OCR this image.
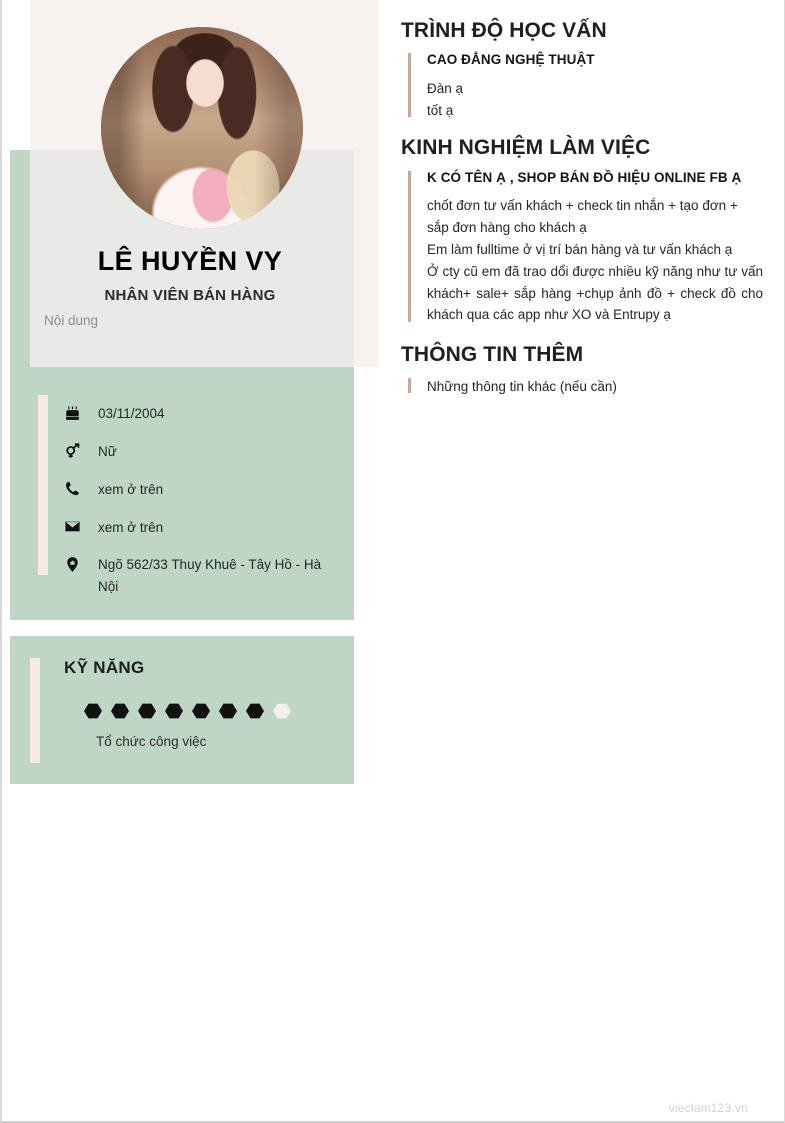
LÊ HUYỀN VY
NHÂN VIÊN BÁN HÀNG
Nội dung
03/11/2004
Nữ
xem ở trên
xem ở trên
Ngõ 562/33 Thuy Khuê - Tây Hồ - Hà Nội
KỸ NĂNG
Tổ chức công việc
TRÌNH ĐỘ HỌC VẤN
CAO ĐẲNG NGHỆ THUẬT

Đàn ạ

tốt ạ

KINH NGHIỆM LÀM VIỆC
K CÓ TÊN Ạ , SHOP BÁN ĐỒ HIỆU ONLINE FB Ạ

chốt đơn tư vấn khách + check tin nhắn + tạo đơn + sắp đơn hàng cho khách ạ

Em làm fulltime ở vị trí bán hàng và tư vấn khách ạ

Ở cty cũ em đã trao dổi được nhiều kỹ năng như tư vấn khách+ sale+ sắp hàng +chụp ảnh đồ + check đồ cho khách qua các app như XO và Entrupy ạ

THÔNG TIN THÊM

Những thông tin khác (nếu cần)

vieclam123.vn
